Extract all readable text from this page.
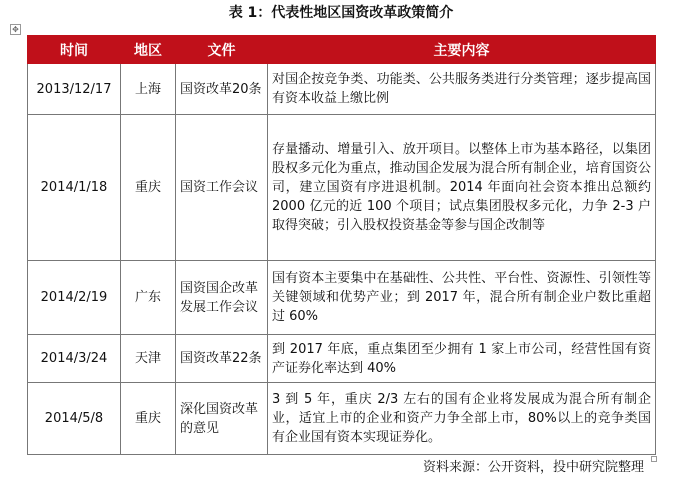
表 1：代表性地区国资改革政策简介
✥
时间	地区	文件	主要内容
2013/12/17	上海	国资改革20条	对国企按竞争类、功能类、公共服务类进行分类管理；逐步提高国有资本收益上缴比例
2014/1/18	重庆	国资工作会议	存量播动、增量引入、放开项目。以整体上市为基本路径，以集团股权多元化为重点，推动国企发展为混合所有制企业，培育国资公司，建立国资有序进退机制。2014 年面向社会资本推出总额约 2000 亿元的近 100 个项目；试点集团股权多元化，力争 2-3 户取得突破；引入股权投资基金等参与国企改制等
2014/2/19	广东	国资国企改革发展工作会议	国有资本主要集中在基础性、公共性、平台性、资源性、引领性等关键领域和优势产业；到 2017 年，混合所有制企业户数比重超过 60%
2014/3/24	天津	国资改革22条	到 2017 年底，重点集团至少拥有 1 家上市公司，经营性国有资产证券化率达到 40%
2014/5/8	重庆	深化国资改革的意见	3 到 5 年，重庆 2/3 左右的国有企业将发展成为混合所有制企业，适宜上市的企业和资产力争全部上市，80%以上的竞争类国有企业国有资本实现证券化。
资料来源：公开资料，投中研究院整理
